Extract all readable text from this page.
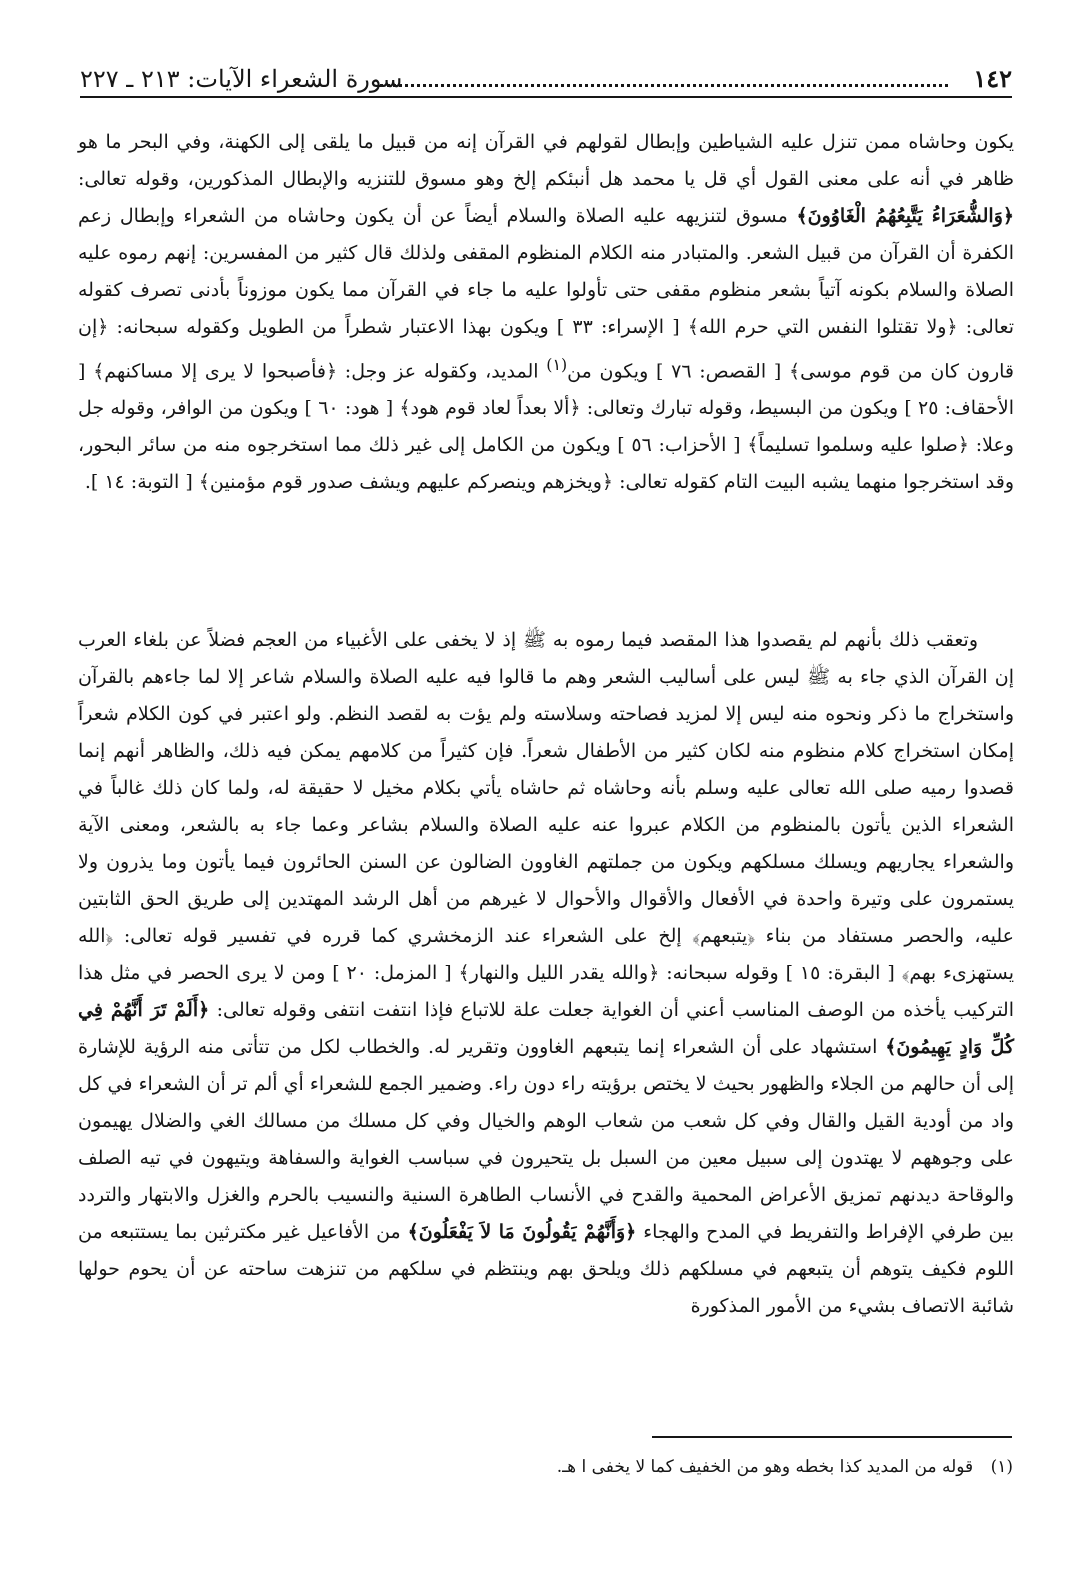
١٤٢
سورة الشعراء الآيات: ٢١٣ ـ ٢٢٧

يكون وحاشاه ممن تنزل عليه الشياطين وإبطال لقولهم في القرآن إنه من قبيل ما يلقى إلى الكهنة، وفي البحر ما هو ظاهر في أنه على معنى القول أي قل يا محمد هل أنبئكم إلخ وهو مسوق للتنزيه والإبطال المذكورين، وقوله تعالى: ﴿وَالشُّعَرَاءُ يَتَّبِعُهُمُ الْغَاوُونَ﴾ مسوق لتنزيهه عليه الصلاة والسلام أيضاً عن أن يكون وحاشاه من الشعراء وإبطال زعم الكفرة أن القرآن من قبيل الشعر. والمتبادر منه الكلام المنظوم المقفى ولذلك قال كثير من المفسرين: إنهم رموه عليه الصلاة والسلام بكونه آتياً بشعر منظوم مقفى حتى تأولوا عليه ما جاء في القرآن مما يكون موزوناً بأدنى تصرف كقوله تعالى: ﴿ولا تقتلوا النفس التي حرم الله﴾ [ الإسراء: ٣٣ ] ويكون بهذا الاعتبار شطراً من الطويل وكقوله سبحانه: ﴿إن قارون كان من قوم موسى﴾ [ القصص: ٧٦ ] ويكون من$^{(١)}$ المديد، وكقوله عز وجل: ﴿فأصبحوا لا يرى إلا مساكنهم﴾ [ الأحقاف: ٢٥ ] ويكون من البسيط، وقوله تبارك وتعالى: ﴿ألا بعداً لعاد قوم هود﴾ [ هود: ٦٠ ] ويكون من الوافر، وقوله جل وعلا: ﴿صلوا عليه وسلموا تسليماً﴾ [ الأحزاب: ٥٦ ] ويكون من الكامل إلى غير ذلك مما استخرجوه منه من سائر البحور، وقد استخرجوا منهما يشبه البيت التام كقوله تعالى: ﴿ويخزهم وينصركم عليهم ويشف صدور قوم مؤمنين﴾ [ التوبة: ١٤ ].

وتعقب ذلك بأنهم لم يقصدوا هذا المقصد فيما رموه به ﷺ إذ لا يخفى على الأغبياء من العجم فضلاً عن بلغاء العرب إن القرآن الذي جاء به ﷺ ليس على أساليب الشعر وهم ما قالوا فيه عليه الصلاة والسلام شاعر إلا لما جاءهم بالقرآن واستخراج ما ذكر ونحوه منه ليس إلا لمزيد فصاحته وسلاسته ولم يؤت به لقصد النظم. ولو اعتبر في كون الكلام شعراً إمكان استخراج كلام منظوم منه لكان كثير من الأطفال شعراً. فإن كثيراً من كلامهم يمكن فيه ذلك، والظاهر أنهم إنما قصدوا رميه صلى الله تعالى عليه وسلم بأنه وحاشاه ثم حاشاه يأتي بكلام مخيل لا حقيقة له، ولما كان ذلك غالباً في الشعراء الذين يأتون بالمنظوم من الكلام عبروا عنه عليه الصلاة والسلام بشاعر وعما جاء به بالشعر، ومعنى الآية والشعراء يجاريهم ويسلك مسلكهم ويكون من جملتهم الغاوون الضالون عن السنن الحائرون فيما يأتون وما يذرون ولا يستمرون على وتيرة واحدة في الأفعال والأقوال والأحوال لا غيرهم من أهل الرشد المهتدين إلى طريق الحق الثابتين عليه، والحصر مستفاد من بناء ﴿يتبعهم﴾ إلخ على الشعراء عند الزمخشري كما قرره في تفسير قوله تعالى: ﴿الله يستهزىء بهم﴾ [ البقرة: ١٥ ] وقوله سبحانه: ﴿والله يقدر الليل والنهار﴾ [ المزمل: ٢٠ ] ومن لا يرى الحصر في مثل هذا التركيب يأخذه من الوصف المناسب أعني أن الغواية جعلت علة للاتباع فإذا انتفت انتفى وقوله تعالى: ﴿أَلَمْ تَرَ أَنَّهُمْ فِي كُلِّ وَادٍ يَهِيمُونَ﴾ استشهاد على أن الشعراء إنما يتبعهم الغاوون وتقرير له. والخطاب لكل من تتأتى منه الرؤية للإشارة إلى أن حالهم من الجلاء والظهور بحيث لا يختص برؤيته راء دون راء. وضمير الجمع للشعراء أي ألم تر أن الشعراء في كل واد من أودية القيل والقال وفي كل شعب من شعاب الوهم والخيال وفي كل مسلك من مسالك الغي والضلال يهيمون على وجوههم لا يهتدون إلى سبيل معين من السبل بل يتحيرون في سباسب الغواية والسفاهة ويتيهون في تيه الصلف والوقاحة ديدنهم تمزيق الأعراض المحمية والقدح في الأنساب الطاهرة السنية والنسيب بالحرم والغزل والابتهار والتردد بين طرفي الإفراط والتفريط في المدح والهجاء ﴿وَأَنَّهُمْ يَقُولُونَ مَا لاَ يَفْعَلُونَ﴾ من الأفاعيل غير مكترثين بما يستتبعه من اللوم فكيف يتوهم أن يتبعهم في مسلكهم ذلك ويلحق بهم وينتظم في سلكهم من تنزهت ساحته عن أن يحوم حولها شائبة الاتصاف بشيء من الأمور المذكورة

(١) قوله من المديد كذا بخطه وهو من الخفيف كما لا يخفى ا هـ.
